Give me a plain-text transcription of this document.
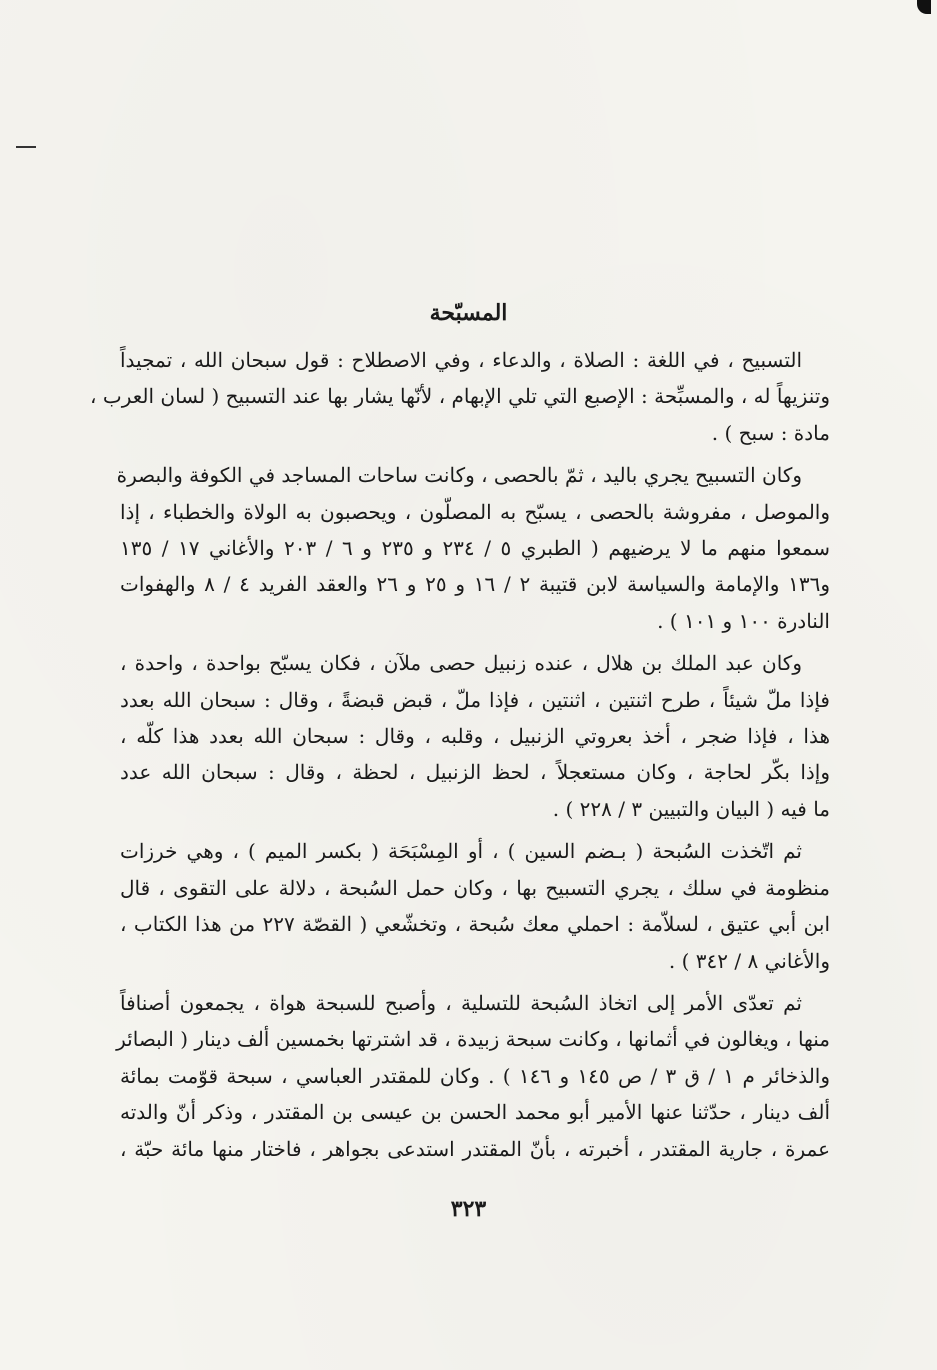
المسبّحة

التسبيح ، في اللغة : الصلاة ، والدعاء ، وفي الاصطلاح : قول سبحان الله ، تمجيداً
وتنزيهاً له ، والمسبِّحة : الإصبع التي تلي الإبهام ، لأنّها يشار بها عند التسبيح ( لسان العرب ،
مادة : سبح ) .

وكان التسبيح يجري باليد ، ثمّ بالحصى ، وكانت ساحات المساجد في الكوفة والبصرة
والموصل ، مفروشة بالحصى ، يسبّح به المصلّون ، ويحصبون به الولاة والخطباء ، إذا
سمعوا منهم ما لا يرضيهم ( الطبري ٥ / ٢٣٤ و ٢٣٥ و ٦ / ٢٠٣ والأغاني ١٧ / ١٣٥
و١٣٦ والإمامة والسياسة لابن قتيبة ٢ / ١٦ و ٢٥ و ٢٦ والعقد الفريد ٤ / ٨ والهفوات
النادرة ١٠٠ و ١٠١ ) .

وكان عبد الملك بن هلال ، عنده زنبيل حصى ملآن ، فكان يسبّح بواحدة ، واحدة ،
فإذا ملّ شيئاً ، طرح اثنتين ، اثنتين ، فإذا ملّ ، قبض قبضةً ، وقال : سبحان الله بعدد
هذا ، فإذا ضجر ، أخذ بعروتي الزنبيل ، وقلبه ، وقال : سبحان الله بعدد هذا كلّه ،
وإذا بكّر لحاجة ، وكان مستعجلاً ، لحظ الزنبيل ، لحظة ، وقال : سبحان الله عدد
ما فيه ( البيان والتبيين ٣ / ٢٢٨ ) .

ثم اتّخذت السُبحة ( بـضم السين ) ، أو المِسْبَحَة ( بكسر الميم ) ، وهي خرزات
منظومة في سلك ، يجري التسبيح بها ، وكان حمل السُبحة ، دلالة على التقوى ، قال
ابن أبي عتيق ، لسلاّمة : احملي معك سُبحة ، وتخشّعي ( القصّة ٢٢٧ من هذا الكتاب ،
والأغاني ٨ / ٣٤٢ ) .

ثم تعدّى الأمر إلى اتخاذ السُبحة للتسلية ، وأصبح للسبحة هواة ، يجمعون أصنافاً
منها ، ويغالون في أثمانها ، وكانت سبحة زبيدة ، قد اشترتها بخمسين ألف دينار ( البصائر
والذخائر م ١ / ق ٣ / ص ١٤٥ و ١٤٦ ) . وكان للمقتدر العباسي ، سبحة قوّمت بمائة
ألف دينار ، حدّثنا عنها الأمير أبو محمد الحسن بن عيسى بن المقتدر ، وذكر أنّ والدته
عمرة ، جارية المقتدر ، أخبرته ، بأنّ المقتدر استدعى بجواهر ، فاختار منها مائة حبّة ،

٣٢٣
